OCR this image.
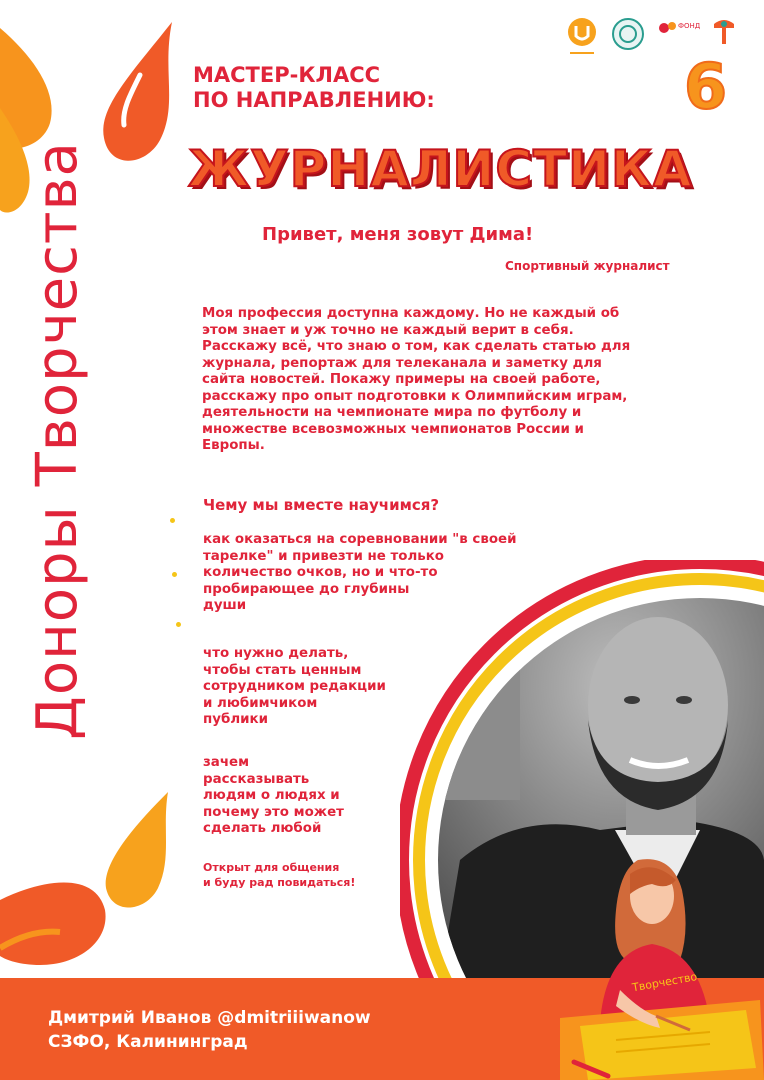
Доноры Творчества
ФОНД
6
МАСТЕР-КЛАСС
ПО НАПРАВЛЕНИЮ:
ЖУРНАЛИСТИКА
Привет, меня зовут Дима!
Спортивный журналист
Моя профессия доступна каждому. Но не каждый об
этом знает и уж точно не каждый верит в себя.
Расскажу всё, что знаю о том, как сделать статью для
журнала, репортаж для телеканала и заметку для
сайта новостей. Покажу примеры на своей работе,
расскажу про опыт подготовки к Олимпийским играм,
деятельности на чемпионате мира по футболу и
множестве всевозможных чемпионатов России и
Европы.
Чему мы вместе научимся?
как оказаться на соревновании "в своей
тарелке" и привезти не только
количество очков, но и что-то
пробирающее до глубины
души
что нужно делать,
чтобы стать ценным
сотрудником редакции
и любимчиком
публики
зачем
рассказывать
людям о людях и
почему это может
сделать любой
Открыт для общения
и буду рад повидаться!
Дмитрий Иванов @dmitriiiwanow
СЗФО, Калининград
Творчество
